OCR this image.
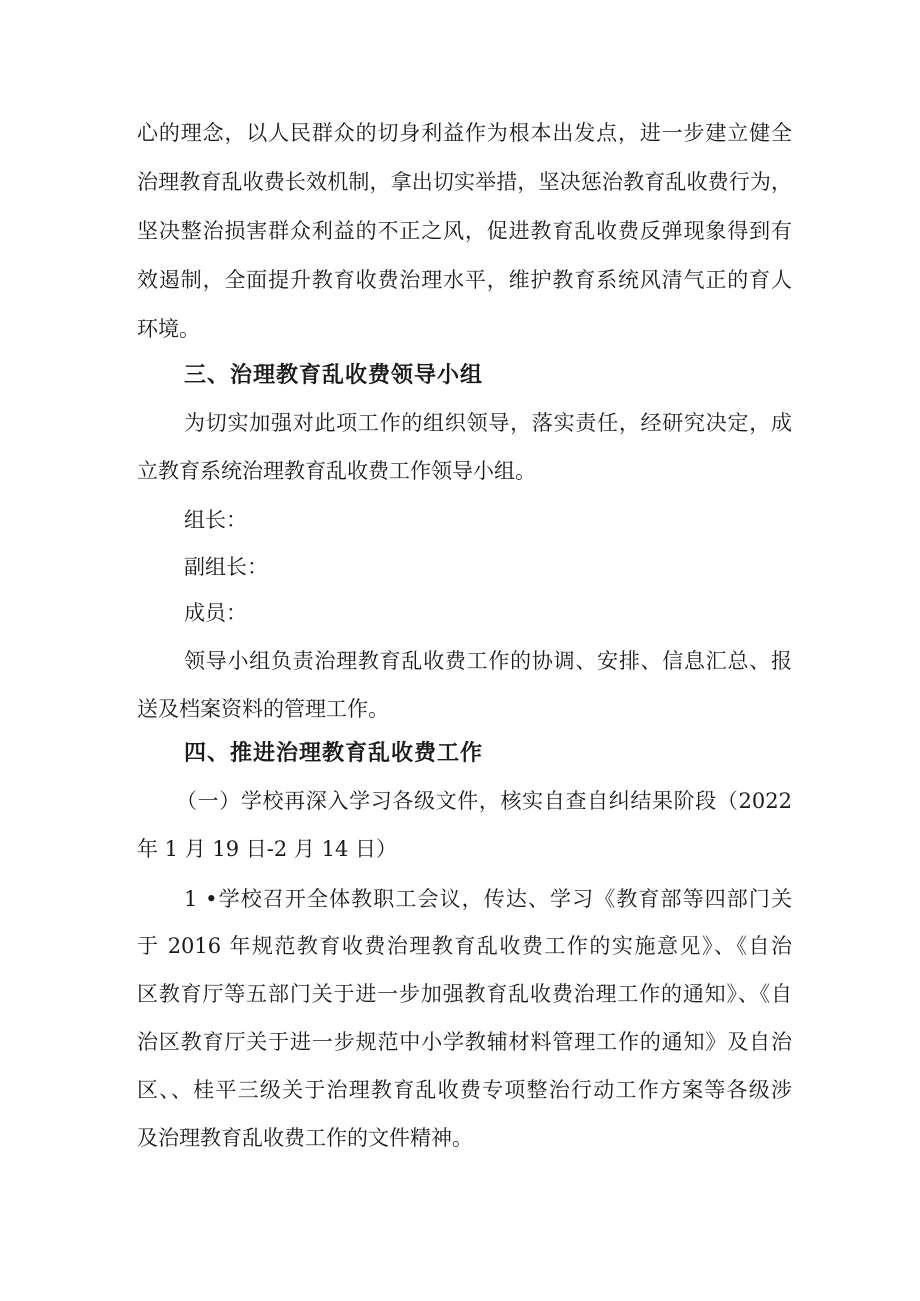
心的理念，以人民群众的切身利益作为根本出发点，进一步建立健全
治理教育乱收费长效机制，拿出切实举措，坚决惩治教育乱收费行为，
坚决整治损害群众利益的不正之风，促进教育乱收费反弹现象得到有
效遏制，全面提升教育收费治理水平，维护教育系统风清气正的育人
环境。
三、治理教育乱收费领导小组
为切实加强对此项工作的组织领导，落实责任，经研究决定，成
立教育系统治理教育乱收费工作领导小组。
组长：
副组长：
成员：
领导小组负责治理教育乱收费工作的协调、安排、信息汇总、报
送及档案资料的管理工作。
四、推进治理教育乱收费工作
（一）学校再深入学习各级文件，核实自查自纠结果阶段（2022
年 1 月 19 日-2 月 14 日）
1 •学校召开全体教职工会议，传达、学习《教育部等四部门关
于 2016 年规范教育收费治理教育乱收费工作的实施意见》、《自治
区教育厅等五部门关于进一步加强教育乱收费治理工作的通知》、《自
治区教育厅关于进一步规范中小学教辅材料管理工作的通知》及自治
区、、桂平三级关于治理教育乱收费专项整治行动工作方案等各级涉
及治理教育乱收费工作的文件精神。
